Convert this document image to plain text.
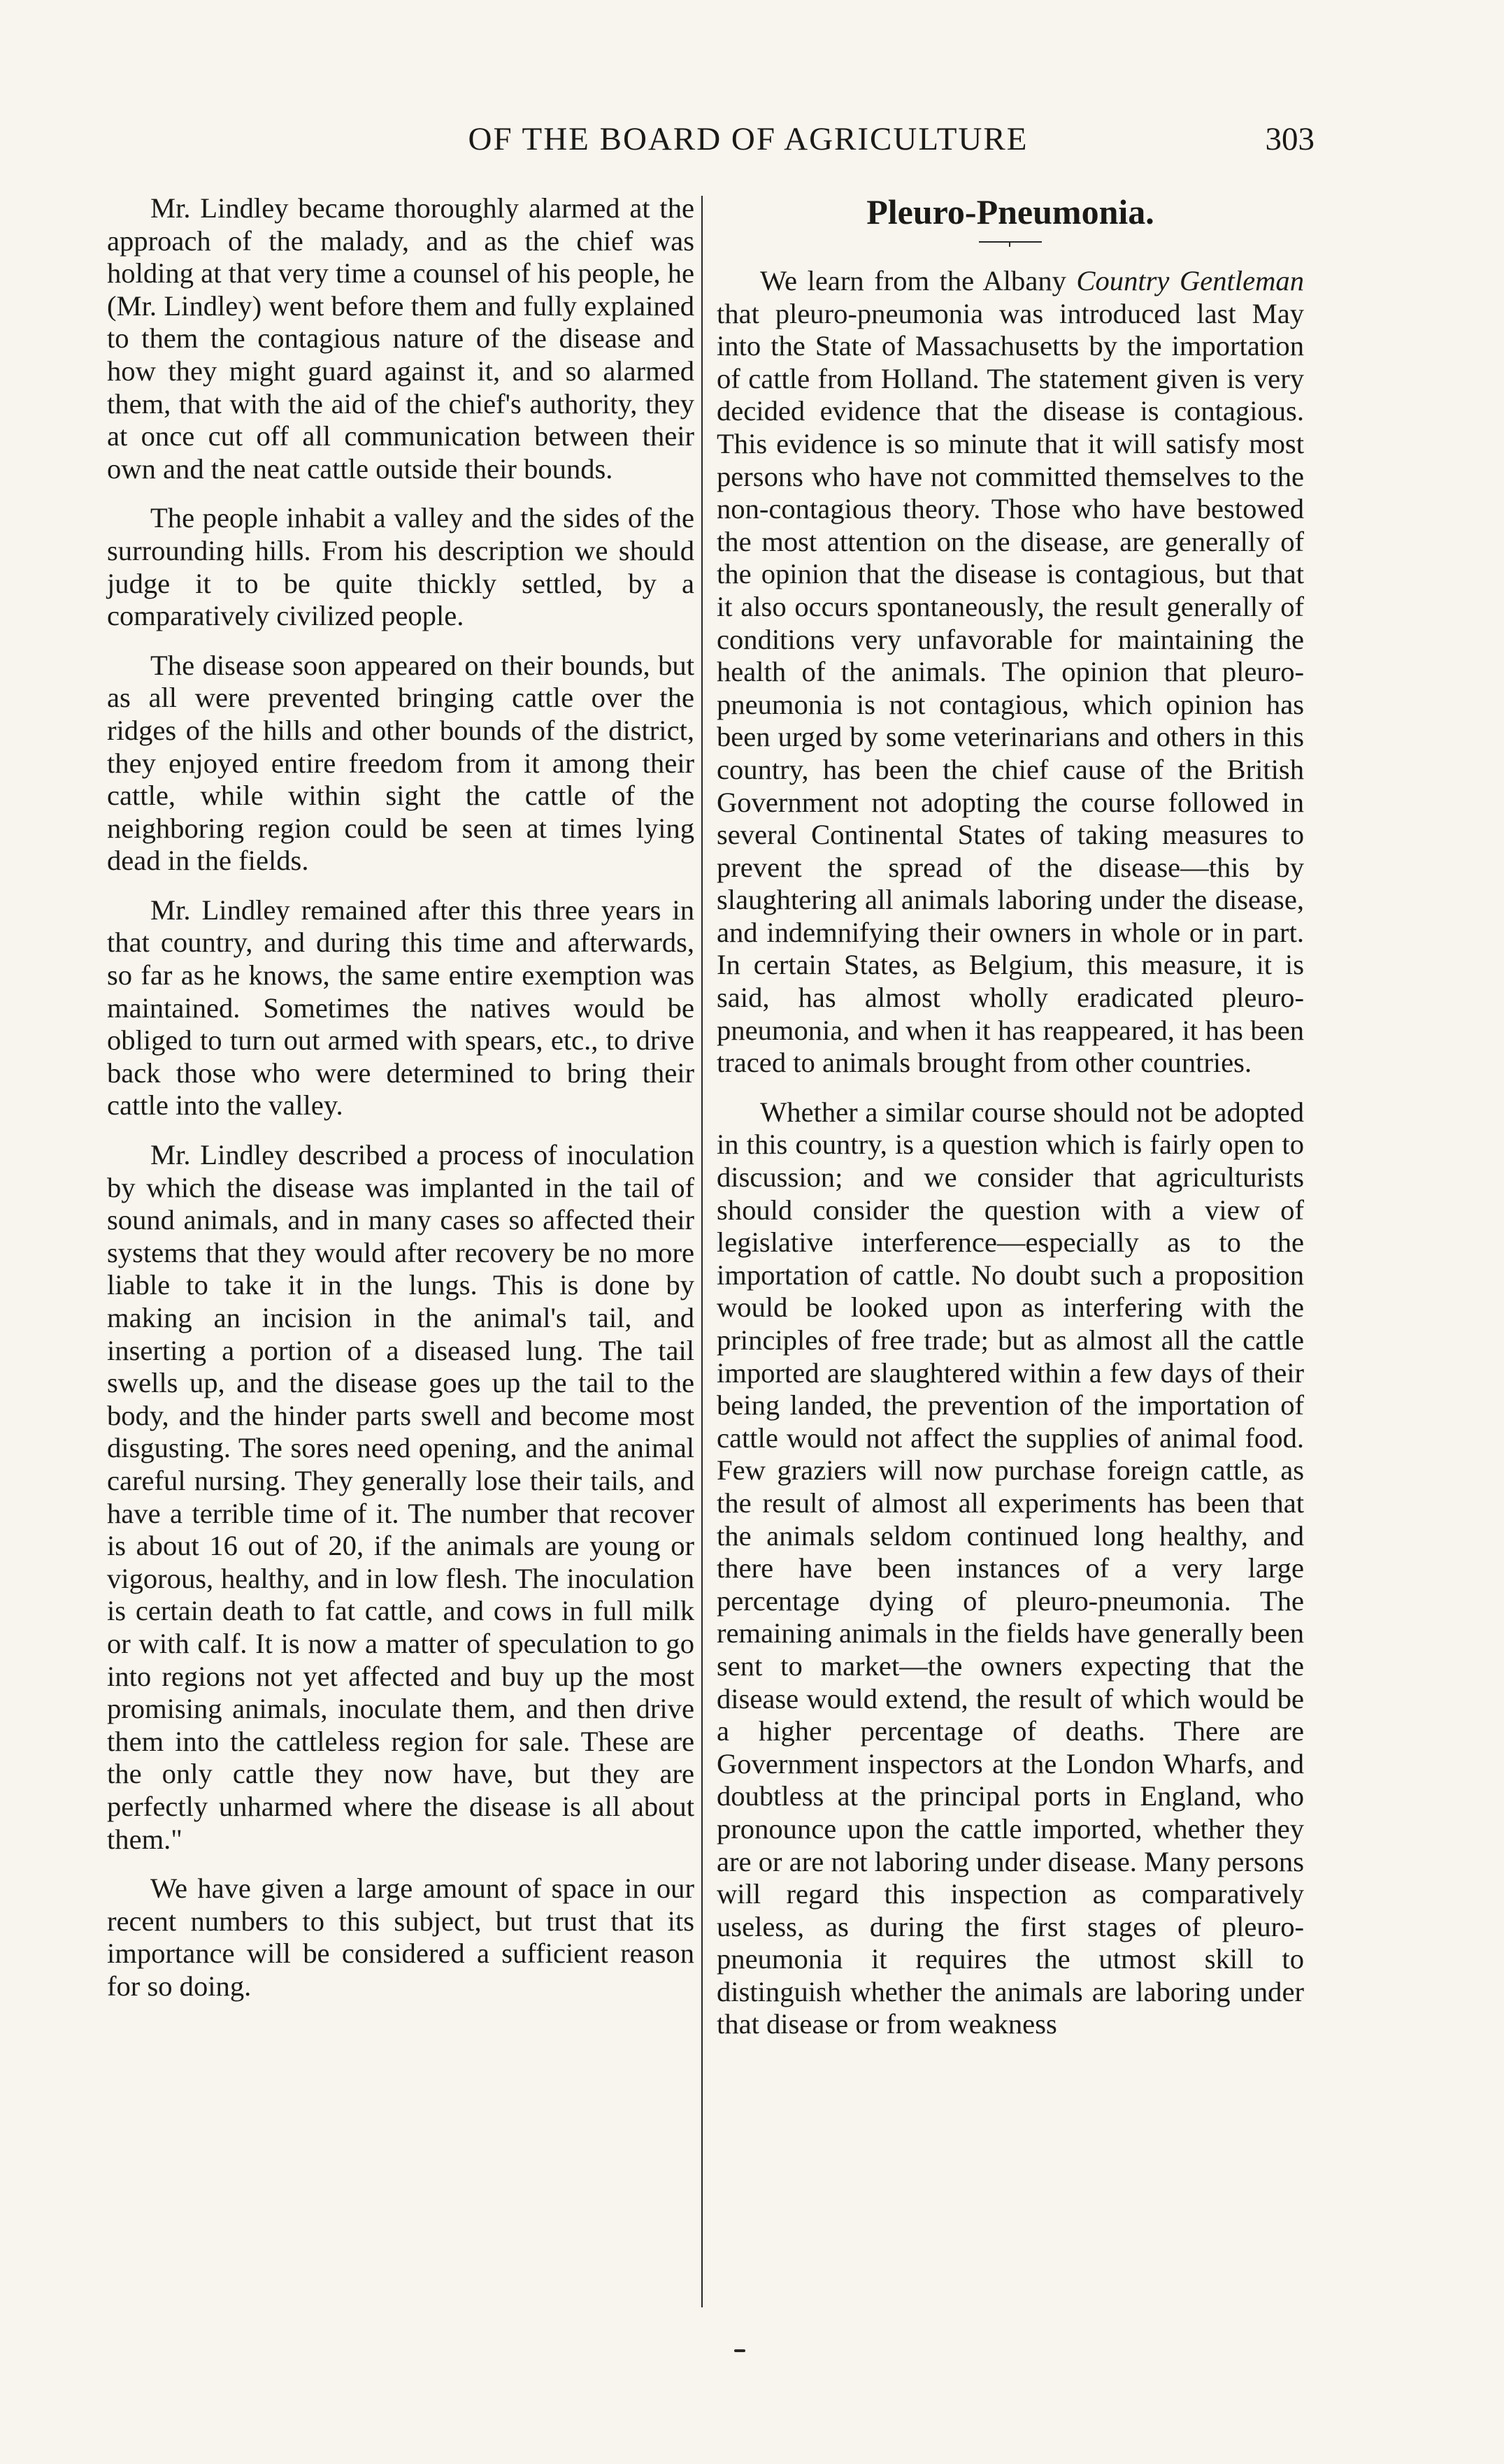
OF THE BOARD OF AGRICULTURE	303

Mr. Lindley became thoroughly alarmed at the approach of the malady, and as the chief was holding at that very time a counsel of his people, he (Mr. Lindley) went before them and fully explained to them the contagious nature of the disease and how they might guard against it, and so alarmed them, that with the aid of the chief's authority, they at once cut off all communication between their own and the neat cattle outside their bounds.

The people inhabit a valley and the sides of the surrounding hills. From his description we should judge it to be quite thickly settled, by a comparatively civilized people.

The disease soon appeared on their bounds, but as all were prevented bringing cattle over the ridges of the hills and other bounds of the district, they enjoyed entire freedom from it among their cattle, while within sight the cattle of the neighboring region could be seen at times lying dead in the fields.

Mr. Lindley remained after this three years in that country, and during this time and afterwards, so far as he knows, the same entire exemption was maintained. Sometimes the natives would be obliged to turn out armed with spears, etc., to drive back those who were determined to bring their cattle into the valley.

Mr. Lindley described a process of inoculation by which the disease was implanted in the tail of sound animals, and in many cases so affected their systems that they would after recovery be no more liable to take it in the lungs. This is done by making an incision in the animal's tail, and inserting a portion of a diseased lung. The tail swells up, and the disease goes up the tail to the body, and the hinder parts swell and become most disgusting. The sores need opening, and the animal careful nursing. They generally lose their tails, and have a terrible time of it. The number that recover is about 16 out of 20, if the animals are young or vigorous, healthy, and in low flesh. The inoculation is certain death to fat cattle, and cows in full milk or with calf. It is now a matter of speculation to go into regions not yet affected and buy up the most promising animals, inoculate them, and then drive them into the cattleless region for sale. These are the only cattle they now have, but they are perfectly unharmed where the disease is all about them."

We have given a large amount of space in our recent numbers to this subject, but trust that its importance will be considered a sufficient reason for so doing.

Pleuro-Pneumonia.

We learn from the Albany Country Gentleman that pleuro-pneumonia was introduced last May into the State of Massachusetts by the importation of cattle from Holland. The statement given is very decided evidence that the disease is contagious. This evidence is so minute that it will satisfy most persons who have not committed themselves to the non-contagious theory. Those who have bestowed the most attention on the disease, are generally of the opinion that the disease is contagious, but that it also occurs spontaneously, the result generally of conditions very unfavorable for maintaining the health of the animals. The opinion that pleuro-pneumonia is not contagious, which opinion has been urged by some veterinarians and others in this country, has been the chief cause of the British Government not adopting the course followed in several Continental States of taking measures to prevent the spread of the disease—this by slaughtering all animals laboring under the disease, and indemnifying their owners in whole or in part. In certain States, as Belgium, this measure, it is said, has almost wholly eradicated pleuro-pneumonia, and when it has reappeared, it has been traced to animals brought from other countries.

Whether a similar course should not be adopted in this country, is a question which is fairly open to discussion; and we consider that agriculturists should consider the question with a view of legislative interference—especially as to the importation of cattle. No doubt such a proposition would be looked upon as interfering with the principles of free trade; but as almost all the cattle imported are slaughtered within a few days of their being landed, the prevention of the importation of cattle would not affect the supplies of animal food. Few graziers will now purchase foreign cattle, as the result of almost all experiments has been that the animals seldom continued long healthy, and there have been instances of a very large percentage dying of pleuro-pneumonia. The remaining animals in the fields have generally been sent to market—the owners expecting that the disease would extend, the result of which would be a higher percentage of deaths. There are Government inspectors at the London Wharfs, and doubtless at the principal ports in England, who pronounce upon the cattle imported, whether they are or are not laboring under disease. Many persons will regard this inspection as comparatively useless, as during the first stages of pleuro-pneumonia it requires the utmost skill to distinguish whether the animals are laboring under that disease or from weakness
